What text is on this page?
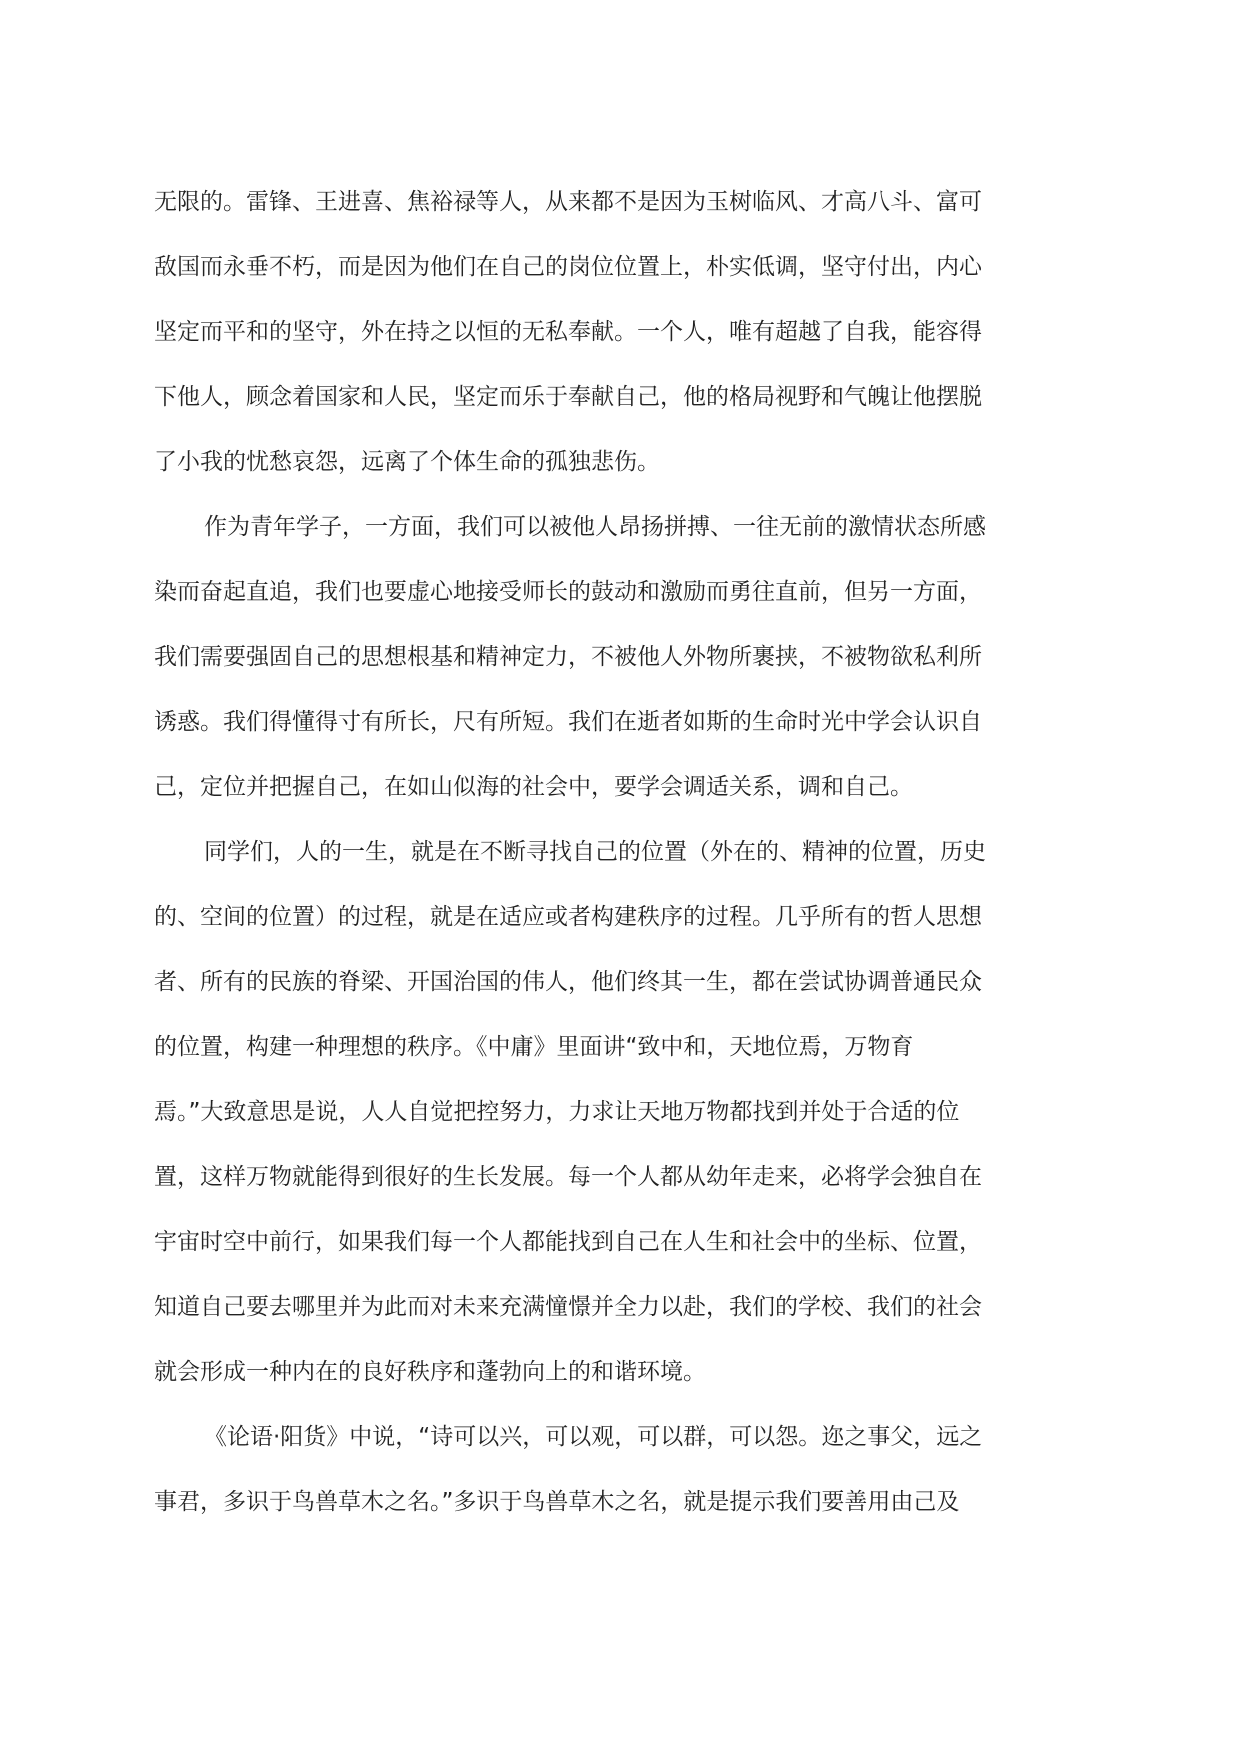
无限的。雷锋、王进喜、焦裕禄等人，从来都不是因为玉树临风、才高八斗、富可
敌国而永垂不朽，而是因为他们在自己的岗位位置上，朴实低调，坚守付出，内心
坚定而平和的坚守，外在持之以恒的无私奉献。一个人，唯有超越了自我，能容得
下他人，顾念着国家和人民，坚定而乐于奉献自己，他的格局视野和气魄让他摆脱
了小我的忧愁哀怨，远离了个体生命的孤独悲伤。
作为青年学子，一方面，我们可以被他人昂扬拼搏、一往无前的激情状态所感
染而奋起直追，我们也要虚心地接受师长的鼓动和激励而勇往直前，但另一方面，
我们需要强固自己的思想根基和精神定力，不被他人外物所裹挟，不被物欲私利所
诱惑。我们得懂得寸有所长，尺有所短。我们在逝者如斯的生命时光中学会认识自
己，定位并把握自己，在如山似海的社会中，要学会调适关系，调和自己。
同学们，人的一生，就是在不断寻找自己的位置（外在的、精神的位置，历史
的、空间的位置）的过程，就是在适应或者构建秩序的过程。几乎所有的哲人思想
者、所有的民族的脊梁、开国治国的伟人，他们终其一生，都在尝试协调普通民众
的位置，构建一种理想的秩序。《中庸》里面讲“致中和，天地位焉，万物育
焉。”大致意思是说，人人自觉把控努力，力求让天地万物都找到并处于合适的位
置，这样万物就能得到很好的生长发展。每一个人都从幼年走来，必将学会独自在
宇宙时空中前行，如果我们每一个人都能找到自己在人生和社会中的坐标、位置，
知道自己要去哪里并为此而对未来充满憧憬并全力以赴，我们的学校、我们的社会
就会形成一种内在的良好秩序和蓬勃向上的和谐环境。
《论语·阳货》中说，“诗可以兴，可以观，可以群，可以怨。迩之事父，远之
事君，多识于鸟兽草木之名。”多识于鸟兽草木之名，就是提示我们要善用由己及
